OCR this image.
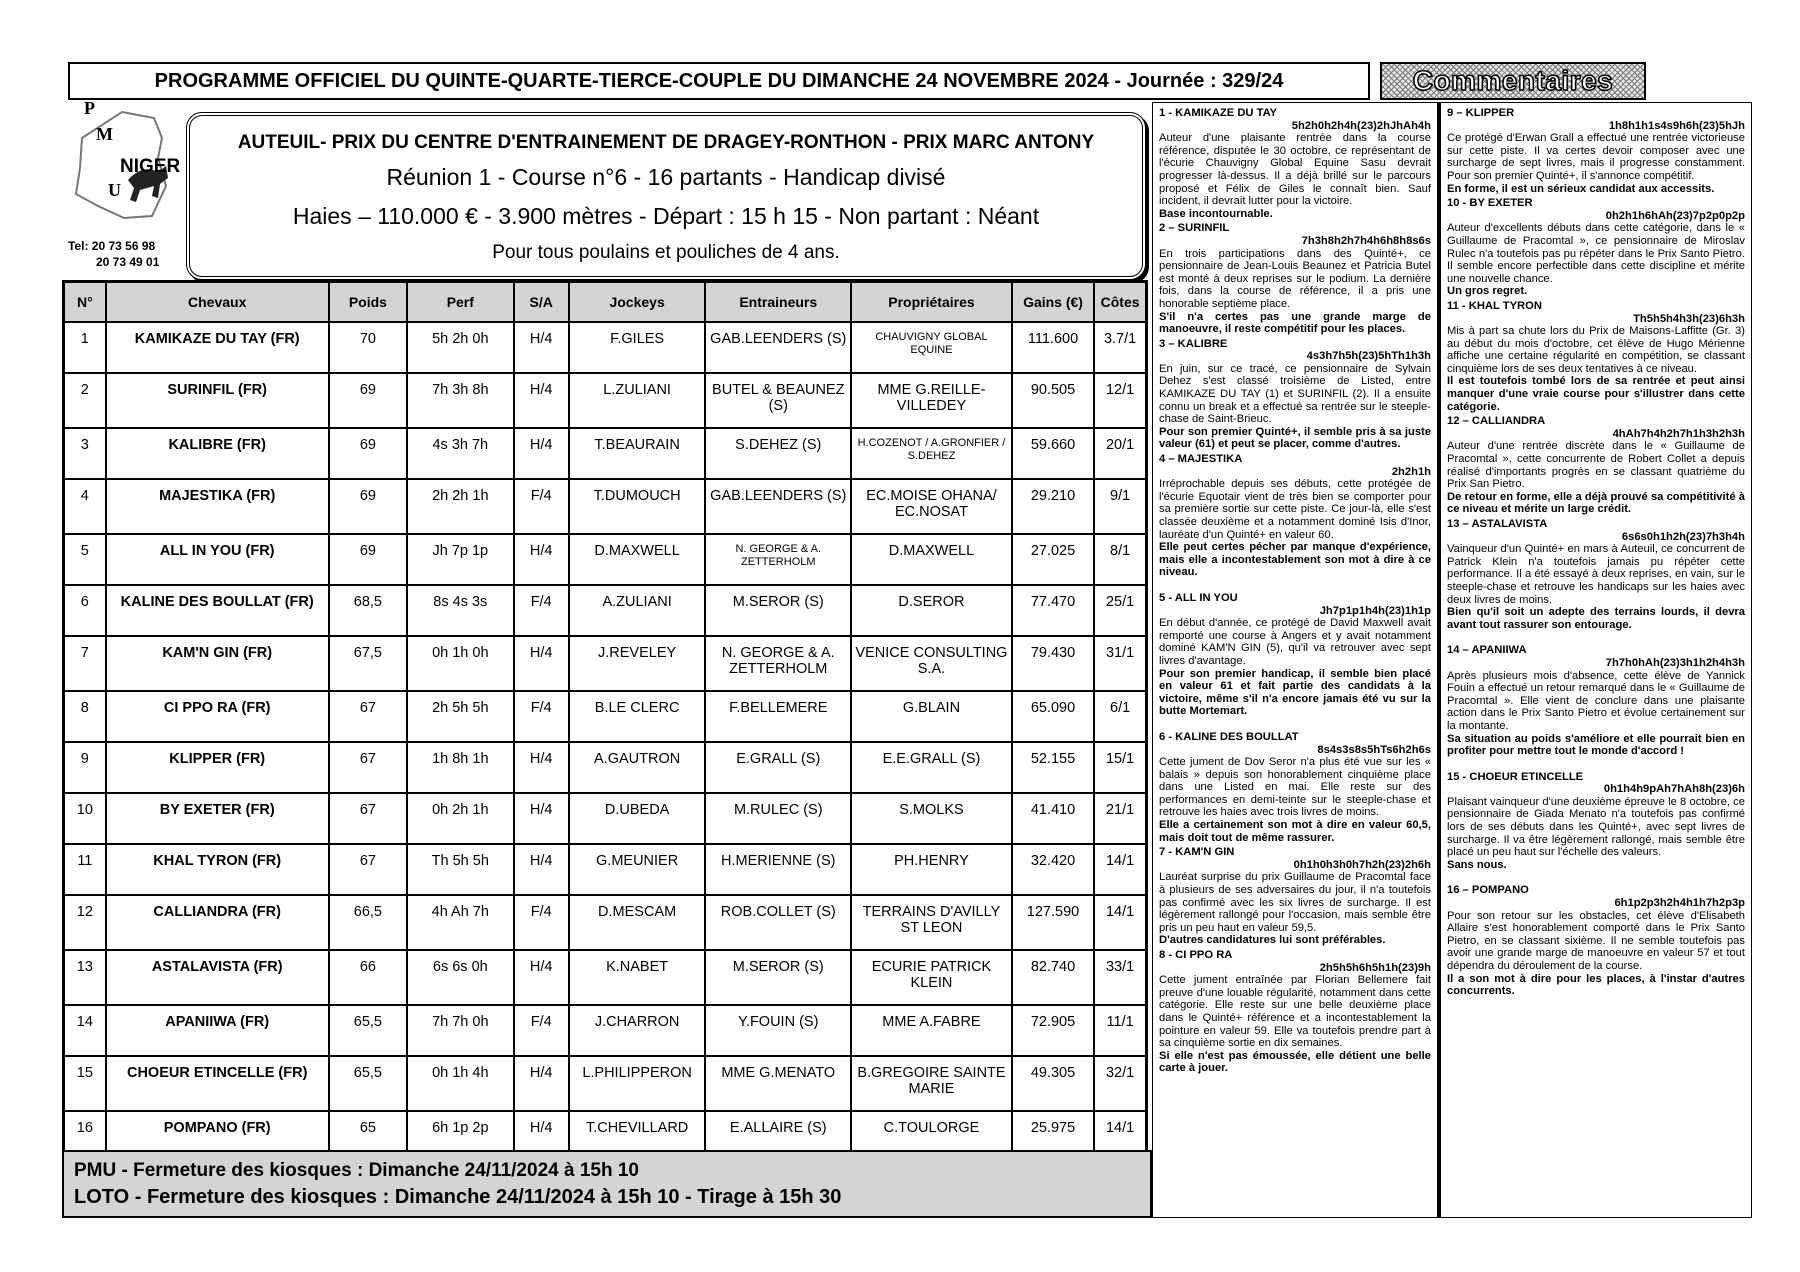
PROGRAMME OFFICIEL DU QUINTE-QUARTE-TIERCE-COUPLE DU DIMANCHE 24 NOVEMBRE 2024 - Journée : 329/24	Commentaires
P
M
U
NIGER
Tel: 20 73 56 98
20 73 49 01
AUTEUIL- PRIX DU CENTRE D'ENTRAINEMENT DE DRAGEY-RONTHON - PRIX MARC ANTONY
Réunion 1 - Course n°6 - 16 partants - Handicap divisé
Haies – 110.000 € - 3.900 mètres - Départ : 15 h 15 - Non partant : Néant
Pour tous poulains et pouliches de 4 ans.
N°	Chevaux	Poids	Perf	S/A	Jockeys	Entraineurs	Propriétaires	Gains (€)	Côtes
1	KAMIKAZE DU TAY (FR)	70	5h 2h 0h	H/4	F.GILES	GAB.LEENDERS (S)	CHAUVIGNY GLOBAL EQUINE	111.600	3.7/1
2	SURINFIL (FR)	69	7h 3h 8h	H/4	L.ZULIANI	BUTEL & BEAUNEZ (S)	MME G.REILLE-VILLEDEY	90.505	12/1
3	KALIBRE (FR)	69	4s 3h 7h	H/4	T.BEAURAIN	S.DEHEZ (S)	H.COZENOT / A.GRONFIER / S.DEHEZ	59.660	20/1
4	MAJESTIKA (FR)	69	2h 2h 1h	F/4	T.DUMOUCH	GAB.LEENDERS (S)	EC.MOISE OHANA/ EC.NOSAT	29.210	9/1
5	ALL IN YOU (FR)	69	Jh 7p 1p	H/4	D.MAXWELL	N. GEORGE & A. ZETTERHOLM	D.MAXWELL	27.025	8/1
6	KALINE DES BOULLAT (FR)	68,5	8s 4s 3s	F/4	A.ZULIANI	M.SEROR (S)	D.SEROR	77.470	25/1
7	KAM'N GIN (FR)	67,5	0h 1h 0h	H/4	J.REVELEY	N. GEORGE & A. ZETTERHOLM	VENICE CONSULTING S.A.	79.430	31/1
8	CI PPO RA (FR)	67	2h 5h 5h	F/4	B.LE CLERC	F.BELLEMERE	G.BLAIN	65.090	6/1
9	KLIPPER (FR)	67	1h 8h 1h	H/4	A.GAUTRON	E.GRALL (S)	E.E.GRALL (S)	52.155	15/1
10	BY EXETER (FR)	67	0h 2h 1h	H/4	D.UBEDA	M.RULEC (S)	S.MOLKS	41.410	21/1
11	KHAL TYRON (FR)	67	Th 5h 5h	H/4	G.MEUNIER	H.MERIENNE (S)	PH.HENRY	32.420	14/1
12	CALLIANDRA (FR)	66,5	4h Ah 7h	F/4	D.MESCAM	ROB.COLLET (S)	TERRAINS D'AVILLY ST LEON	127.590	14/1
13	ASTALAVISTA (FR)	66	6s 6s 0h	H/4	K.NABET	M.SEROR (S)	ECURIE PATRICK KLEIN	82.740	33/1
14	APANIIWA (FR)	65,5	7h 7h 0h	F/4	J.CHARRON	Y.FOUIN (S)	MME A.FABRE	72.905	11/1
15	CHOEUR ETINCELLE (FR)	65,5	0h 1h 4h	H/4	L.PHILIPPERON	MME G.MENATO	B.GREGOIRE SAINTE MARIE	49.305	32/1
16	POMPANO (FR)	65	6h 1p 2p	H/4	T.CHEVILLARD	E.ALLAIRE (S)	C.TOULORGE	25.975	14/1
PMU - Fermeture des kiosques : Dimanche 24/11/2024 à 15h 10
LOTO - Fermeture des kiosques : Dimanche 24/11/2024 à 15h 10 - Tirage à 15h 30
1 - KAMIKAZE DU TAY
5h2h0h2h4h(23)2hJhAh4h
Auteur d'une plaisante rentrée dans la course référence, disputée le 30 octobre, ce représentant de l'écurie Chauvigny Global Equine Sasu devrait progresser là-dessus. Il a déjà brillé sur le parcours proposé et Félix de Giles le connaît bien. Sauf incident, il devrait lutter pour la victoire.
Base incontournable.
2 – SURINFIL
7h3h8h2h7h4h6h8h8s6s
En trois participations dans des Quinté+, ce pensionnaire de Jean-Louis Beaunez et Patricia Butel est monté à deux reprises sur le podium. La dernière fois, dans la course de référence, il a pris une honorable septième place.
S'il n'a certes pas une grande marge de manoeuvre, il reste compétitif pour les places.
3 – KALIBRE
4s3h7h5h(23)5hTh1h3h
En juin, sur ce tracé, ce pensionnaire de Sylvain Dehez s'est classé troisième de Listed, entre KAMIKAZE DU TAY (1) et SURINFIL (2). Il a ensuite connu un break et a effectué sa rentrée sur le steeple-chase de Saint-Brieuc.
Pour son premier Quinté+, il semble pris à sa juste valeur (61) et peut se placer, comme d'autres.
4 – MAJESTIKA
2h2h1h
Irréprochable depuis ses débuts, cette protégée de l'écurie Equotair vient de très bien se comporter pour sa première sortie sur cette piste. Ce jour-là, elle s'est classée deuxième et a notamment dominé Isis d'Inor, lauréate d'un Quinté+ en valeur 60.
Elle peut certes pécher par manque d'expérience, mais elle a incontestablement son mot à dire à ce niveau.
5 - ALL IN YOU
Jh7p1p1h4h(23)1h1p
En début d'année, ce protégé de David Maxwell avait remporté une course à Angers et y avait notamment dominé KAM'N GIN (5), qu'il va retrouver avec sept livres d'avantage.
Pour son premier handicap, il semble bien placé en valeur 61 et fait partie des candidats à la victoire, même s'il n'a encore jamais été vu sur la butte Mortemart.
6 - KALINE DES BOULLAT
8s4s3s8s5hTs6h2h6s
Cette jument de Dov Seror n'a plus été vue sur les « balais » depuis son honorablement cinquième place dans une Listed en mai. Elle reste sur des performances en demi-teinte sur le steeple-chase et retrouve les haies avec trois livres de moins.
Elle a certainement son mot à dire en valeur 60,5, mais doit tout de même rassurer.
7 - KAM'N GIN
0h1h0h3h0h7h2h(23)2h6h
Lauréat surprise du prix Guillaume de Pracomtal face à plusieurs de ses adversaires du jour, il n'a toutefois pas confirmé avec les six livres de surcharge. Il est légèrement rallongé pour l'occasion, mais semble être pris un peu haut en valeur 59,5.
D'autres candidatures lui sont préférables.
8 - CI PPO RA
2h5h5h6h5h1h(23)9h
Cette jument entraînée par Florian Bellemere fait preuve d'une louable régularité, notamment dans cette catégorie. Elle reste sur une belle deuxième place dans le Quinté+ référence et a incontestablement la pointure en valeur 59. Elle va toutefois prendre part à sa cinquième sortie en dix semaines.
Si elle n'est pas émoussée, elle détient une belle carte à jouer.
9 – KLIPPER
1h8h1h1s4s9h6h(23)5hJh
Ce protégé d'Erwan Grall a effectué une rentrée victorieuse sur cette piste. Il va certes devoir composer avec une surcharge de sept livres, mais il progresse constamment. Pour son premier Quinté+, il s'annonce compétitif.
En forme, il est un sérieux candidat aux accessits.
10 - BY EXETER
0h2h1h6hAh(23)7p2p0p2p
Auteur d'excellents débuts dans cette catégorie, dans le « Guillaume de Pracomtal », ce pensionnaire de Miroslav Rulec n'a toutefois pas pu répéter dans le Prix Santo Pietro. Il semble encore perfectible dans cette discipline et mérite une nouvelle chance.
Un gros regret.
11 - KHAL TYRON
Th5h5h4h3h(23)6h3h
Mis à part sa chute lors du Prix de Maisons-Laffitte (Gr. 3) au début du mois d'octobre, cet élève de Hugo Mérienne affiche une certaine régularité en compétition, se classant cinquième lors de ses deux tentatives à ce niveau.
Il est toutefois tombé lors de sa rentrée et peut ainsi manquer d'une vraie course pour s'illustrer dans cette catégorie.
12 – CALLIANDRA
4hAh7h4h2h7h1h3h2h3h
Auteur d'une rentrée discrète dans le « Guillaume de Pracomtal », cette concurrente de Robert Collet a depuis réalisé d'importants progrès en se classant quatrième du Prix San Pietro.
De retour en forme, elle a déjà prouvé sa compétitivité à ce niveau et mérite un large crédit.
13 – ASTALAVISTA
6s6s0h1h2h(23)7h3h4h
Vainqueur d'un Quinté+ en mars à Auteuil, ce concurrent de Patrick Klein n'a toutefois jamais pu répéter cette performance. Il a été essayé à deux reprises, en vain, sur le steeple-chase et retrouve les handicaps sur les haies avec deux livres de moins.
Bien qu'il soit un adepte des terrains lourds, il devra avant tout rassurer son entourage.
14 – APANIIWA
7h7h0hAh(23)3h1h2h4h3h
Après plusieurs mois d'absence, cette élève de Yannick Fouin a effectué un retour remarqué dans le « Guillaume de Pracomtal ». Elle vient de conclure dans une plaisante action dans le Prix Santo Pietro et évolue certainement sur la montante.
Sa situation au poids s'améliore et elle pourrait bien en profiter pour mettre tout le monde d'accord !
15 - CHOEUR ETINCELLE
0h1h4h9pAh7hAh8h(23)6h
Plaisant vainqueur d'une deuxième épreuve le 8 octobre, ce pensionnaire de Giada Menato n'a toutefois pas confirmé lors de ses débuts dans les Quinté+, avec sept livres de surcharge. Il va être légèrement rallongé, mais semble être placé un peu haut sur l'échelle des valeurs.
Sans nous.
16 – POMPANO
6h1p2p3h2h4h1h7h2p3p
Pour son retour sur les obstacles, cet élève d'Elisabeth Allaire s'est honorablement comporté dans le Prix Santo Pietro, en se classant sixième. Il ne semble toutefois pas avoir une grande marge de manoeuvre en valeur 57 et tout dépendra du déroulement de la course.
Il a son mot à dire pour les places, à l'instar d'autres concurrents.
